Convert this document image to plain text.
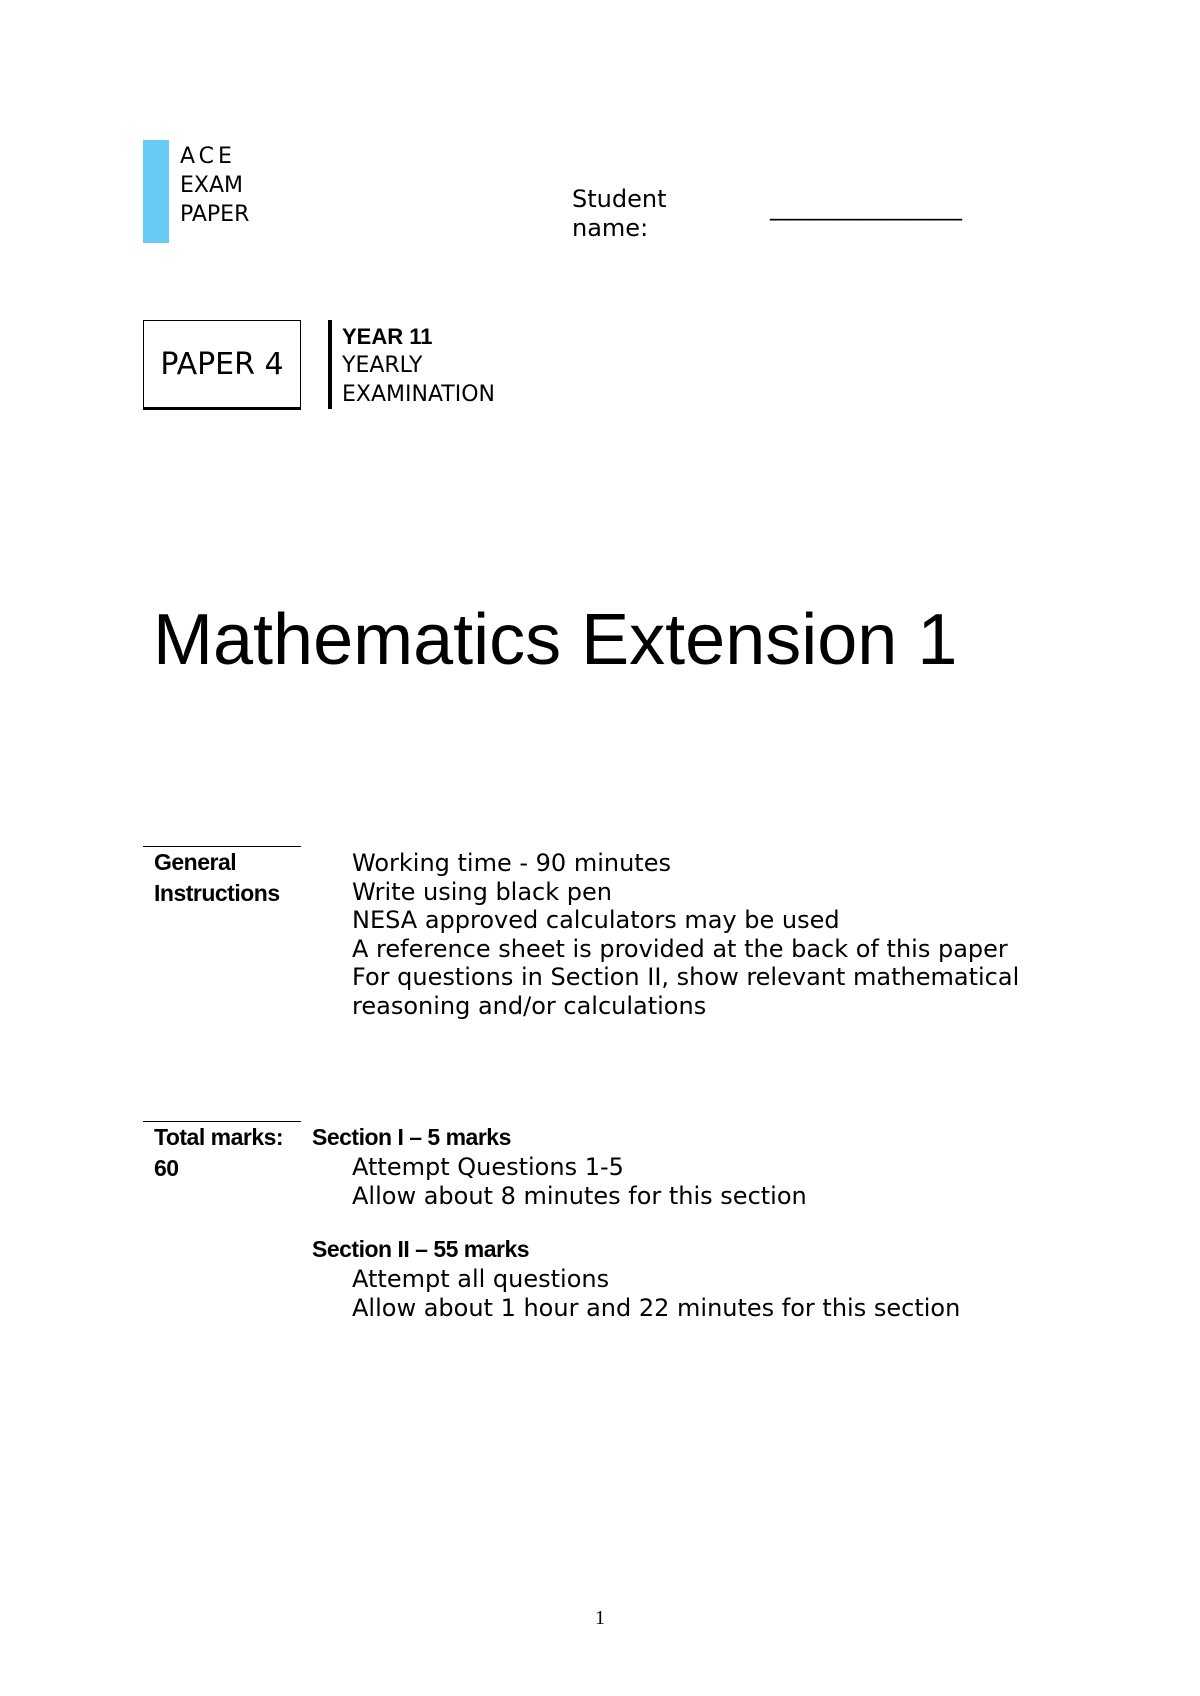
ACE
EXAM
PAPER
Student
name:
________________
PAPER 4
YEAR 11
YEARLY
EXAMINATION
Mathematics Extension 1
General
Instructions
Working time - 90 minutes
Write using black pen
NESA approved calculators may be used
A reference sheet is provided at the back of this paper
For questions in Section II, show relevant mathematical
reasoning and/or calculations
Total marks:
60
Section I – 5 marks
Attempt Questions 1-5
Allow about 8 minutes for this section
Section II – 55 marks
Attempt all questions
Allow about 1 hour and 22 minutes for this section
1
